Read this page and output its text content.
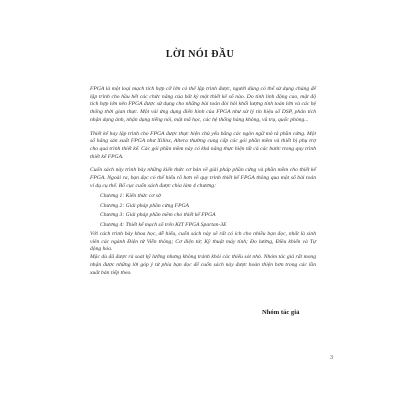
LỜI NÓI ĐẦU

FPGA là một loại mạch tích hợp cỡ lớn có thể lập trình được, người dùng có thể sử dụng chúng để lập trình cho hầu hết các chức năng của bất kỳ một thiết kế số nào. Do tính linh động cao, mật độ tích hợp lớn nên FPGA được sử dụng cho những bài toán đòi hỏi khối lượng tính toán lớn và các hệ thống thời gian thực. Một vài ứng dụng điển hình của FPGA như xử lý tín hiệu số DSP, phân tích nhận dạng ảnh, nhận dạng tiếng nói, mật mã học, các hệ thống hàng không, vũ trụ, quốc phòng...

Thiết kế hay lập trình cho FPGA được thực hiện chủ yếu bằng các ngôn ngữ mô tả phần cứng. Một số hãng sản xuất FPGA như Xilinx, Altera thường cung cấp các gói phần mềm và thiết bị phụ trợ cho quá trình thiết kế. Các gói phần mềm này có khả năng thực hiện tất cả các bước trong quy trình thiết kế FPGA.

Cuốn sách này trình bày những kiến thức cơ bản về giải pháp phần cứng và phần mềm cho thiết kế FPGA. Ngoài ra, bạn đọc có thể hiểu rõ hơn về quy trình thiết kế FPGA thông qua một số bài toán ví dụ cụ thể. Bố cục cuốn sách được chia làm 4 chương:

Chương 1: Kiến thức cơ sở
Chương 2: Giải pháp phần cứng FPGA
Chương 3: Giải pháp phần mềm cho thiết kế FPGA
Chương 4: Thiết kế mạch số trên KIT FPGA Spartan-3E

Với cách trình bày khoa học, dễ hiểu, cuốn sách này sẽ rất có ích cho nhiều bạn đọc, nhất là sinh viên các ngành Điện tử Viễn thông; Cơ điện tử; Kỹ thuật máy tính; Đo lường, Điều khiển và Tự động hóa.

Mặc dù đã được rà soát kỹ lưỡng nhưng không tránh khỏi các thiếu sót nhỏ. Nhóm tác giả rất mong nhận được những lời góp ý từ phía bạn đọc để cuốn sách này được hoàn thiện hơn trong các lần xuất bản tiếp theo.

Nhóm tác giả
3
